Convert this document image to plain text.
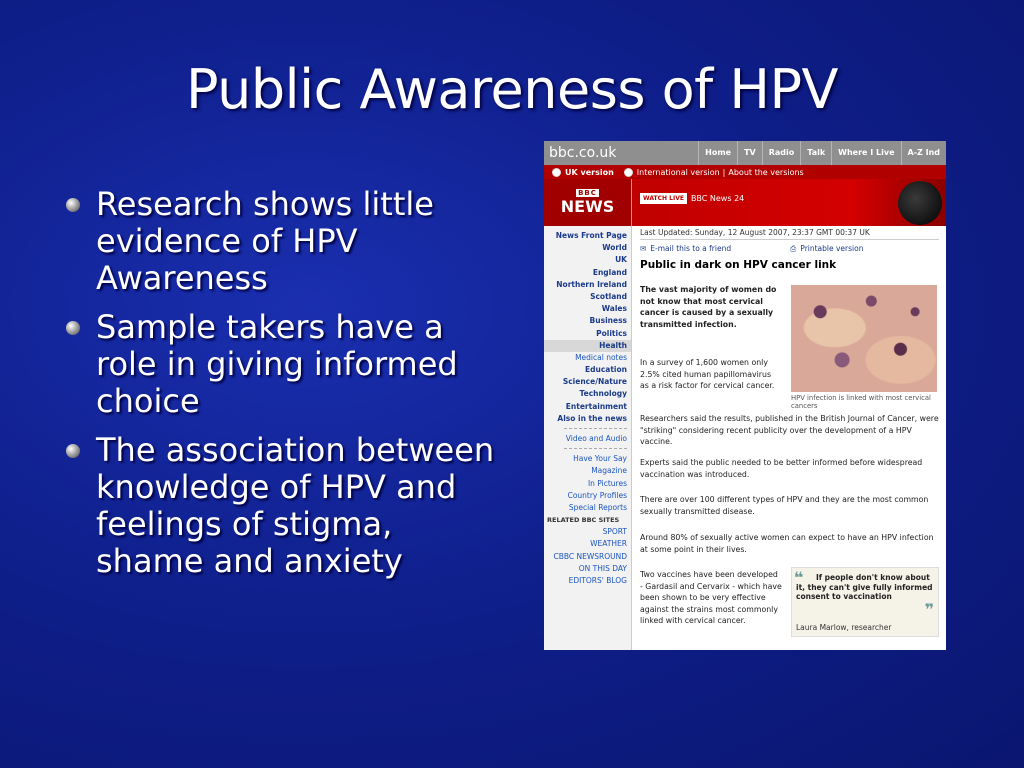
Public Awareness of HPV
Research shows little evidence of HPV Awareness
Sample takers have a role in giving informed choice
The association between knowledge of HPV and feelings of stigma, shame and anxiety
bbc.co.uk	Home	TV	Radio	Talk	Where I Live	A-Z Ind
UK version	International version | About the versions
BBC
NEWS	WATCH LIVE BBC News 24
News Front Page
World
UK
England
Northern Ireland
Scotland
Wales
Business
Politics
Health
Medical notes
Education
Science/Nature
Technology
Entertainment
Also in the news
Video and Audio
Have Your Say
Magazine
In Pictures
Country Profiles
Special Reports
RELATED BBC SITES
SPORT
WEATHER
CBBC NEWSROUND
ON THIS DAY
EDITORS' BLOG
Last Updated: Sunday, 12 August 2007, 23:37 GMT 00:37 UK
✉ E-mail this to a friend	⎙ Printable version
Public in dark on HPV cancer link
The vast majority of women do not know that most cervical cancer is caused by a sexually transmitted infection.
HPV infection is linked with most cervical cancers
In a survey of 1,600 women only 2.5% cited human papillomavirus as a risk factor for cervical cancer.
Researchers said the results, published in the British Journal of Cancer, were "striking" considering recent publicity over the development of a HPV vaccine.
Experts said the public needed to be better informed before widespread vaccination was introduced.
There are over 100 different types of HPV and they are the most common sexually transmitted disease.
Around 80% of sexually active women can expect to have an HPV infection at some point in their lives.
Two vaccines have been developed - Gardasil and Cervarix - which have been shown to be very effective against the strains most commonly linked with cervical cancer.
❝	If people don't know about it, they can't give fully informed consent to vaccination
❞
Laura Marlow, researcher
